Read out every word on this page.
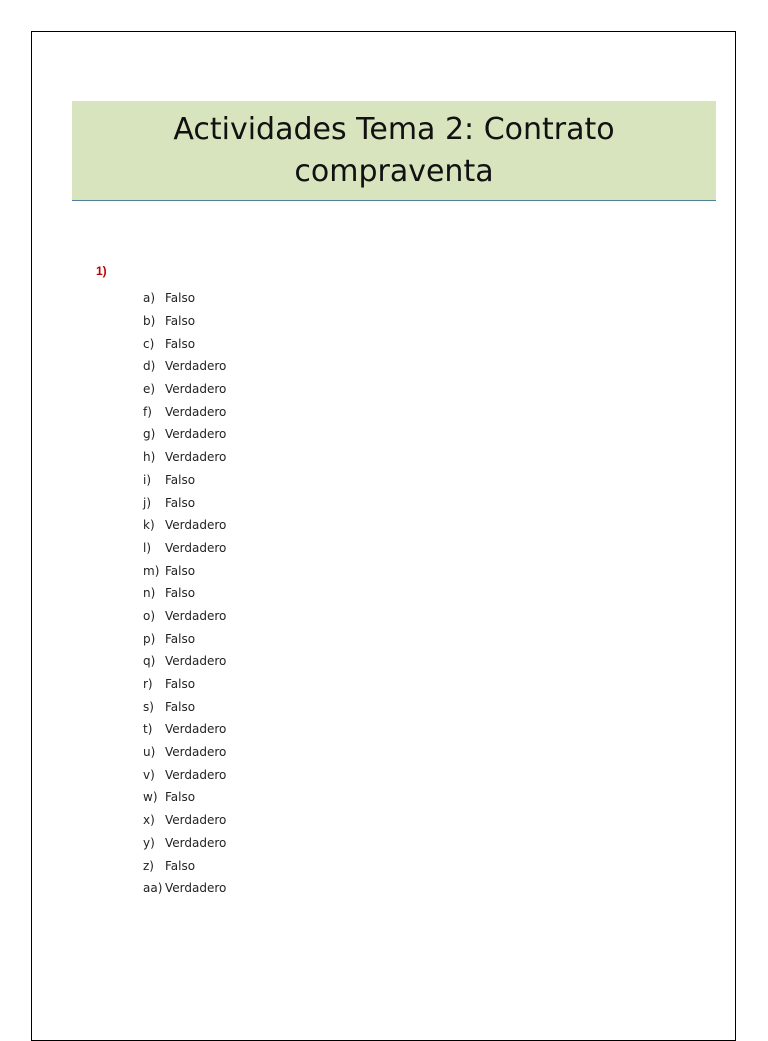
Actividades Tema 2: Contrato compraventa
1)
a) Falso
b) Falso
c) Falso
d) Verdadero
e) Verdadero
f)	Verdadero
g) Verdadero
h) Verdadero
i)	Falso
j)	Falso
k) Verdadero
l)	Verdadero
m) Falso
n) Falso
o) Verdadero
p) Falso
q) Verdadero
r)	Falso
s) Falso
t)	Verdadero
u) Verdadero
v) Verdadero
w) Falso
x) Verdadero
y) Verdadero
z) Falso
aa) Verdadero
